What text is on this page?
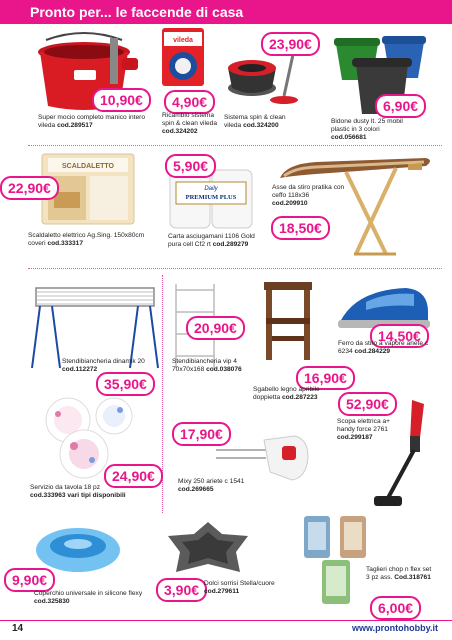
Pronto per... le faccende di casa
10,90€
Super mocio completo manico intero vileda cod.289517
vileda
4,90€
Ricambio sistema spin & clean vileda cod.324202
23,90€
Sistema spin & clean vileda cod.324200
6,90€
Bidone dusty lt. 25 mobil plastic in 3 colori cod.056681
SCALDALETTO
22,90€
Scaldaletto elettrico Ag.Sing. 150x80cm coveri cod.333317
Daily
PREMIUM PLUS
5,90€
Carta asciugamani 1106 Gold pura cell Cf2 rt cod.289279
Asse da stiro pratika con ceffo 118x36 cod.209910
18,50€
Stendibiancheria dinamik 20 cod.112272
35,90€
20,90€
Stendibiancheria vip 4 70x70x168 cod.038076
16,90€
Sgabello legno apribile doppietta cod.287223
14,50€
Ferro da stiro a vapore ariete c 6234 cod.284229
24,90€
Servizio da tavola 18 pz cod.333963 vari tipi disponibili
17,90€
Mixy 250 ariete c 1541 cod.269665
52,90€
Scopa elettrica a+ handy force 2761 cod.299187
9,90€
Coperchio universale in silicone flexy cod.325830
3,90€ Dolci sorrisi Stella/cuore cod.279611
Taglieri chop n flex set 3 pz ass. Cod.318761
6,00€
14	www.prontohobby.it
